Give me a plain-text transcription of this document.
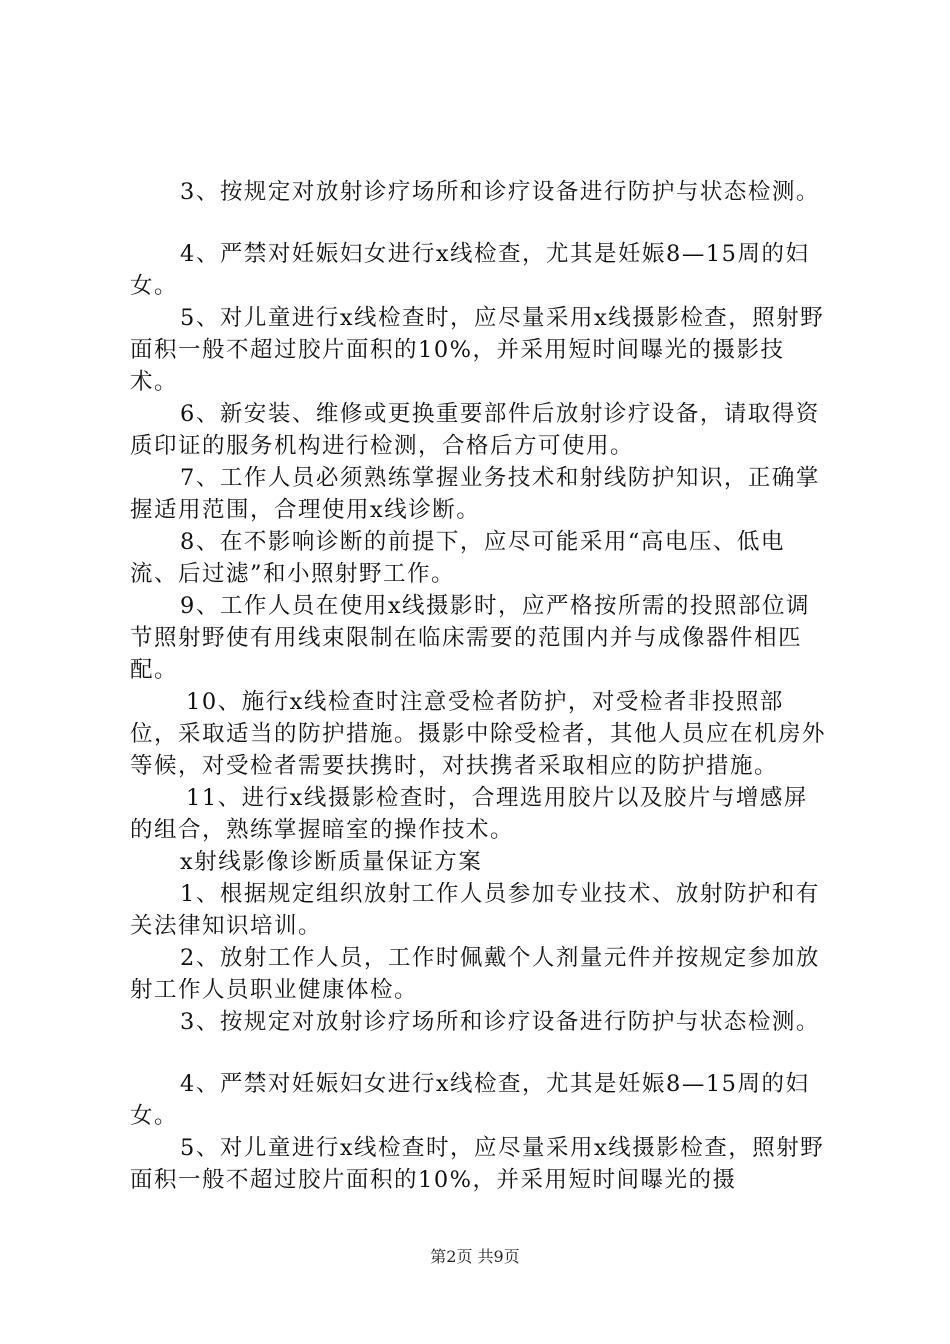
3、按规定对放射诊疗场所和诊疗设备进行防护与状态检测。

4、严禁对妊娠妇女进行x线检查，尤其是妊娠8—15周的妇女。

5、对儿童进行x线检查时，应尽量采用x线摄影检查，照射野面积一般不超过胶片面积的10%，并采用短时间曝光的摄影技术。

6、新安装、维修或更换重要部件后放射诊疗设备，请取得资质印证的服务机构进行检测，合格后方可使用。

7、工作人员必须熟练掌握业务技术和射线防护知识，正确掌握适用范围，合理使用x线诊断。

8、在不影响诊断的前提下，应尽可能采用“高电压、低电流、后过滤”和小照射野工作。

9、工作人员在使用x线摄影时，应严格按所需的投照部位调节照射野使有用线束限制在临床需要的范围内并与成像器件相匹配。

10、施行x线检查时注意受检者防护，对受检者非投照部位，采取适当的防护措施。摄影中除受检者，其他人员应在机房外等候，对受检者需要扶携时，对扶携者采取相应的防护措施。

11、进行x线摄影检查时，合理选用胶片以及胶片与增感屏的组合，熟练掌握暗室的操作技术。

x射线影像诊断质量保证方案

1、根据规定组织放射工作人员参加专业技术、放射防护和有关法律知识培训。

2、放射工作人员，工作时佩戴个人剂量元件并按规定参加放射工作人员职业健康体检。

3、按规定对放射诊疗场所和诊疗设备进行防护与状态检测。

4、严禁对妊娠妇女进行x线检查，尤其是妊娠8—15周的妇女。

5、对儿童进行x线检查时，应尽量采用x线摄影检查，照射野面积一般不超过胶片面积的10%，并采用短时间曝光的摄

第2页 共9页
